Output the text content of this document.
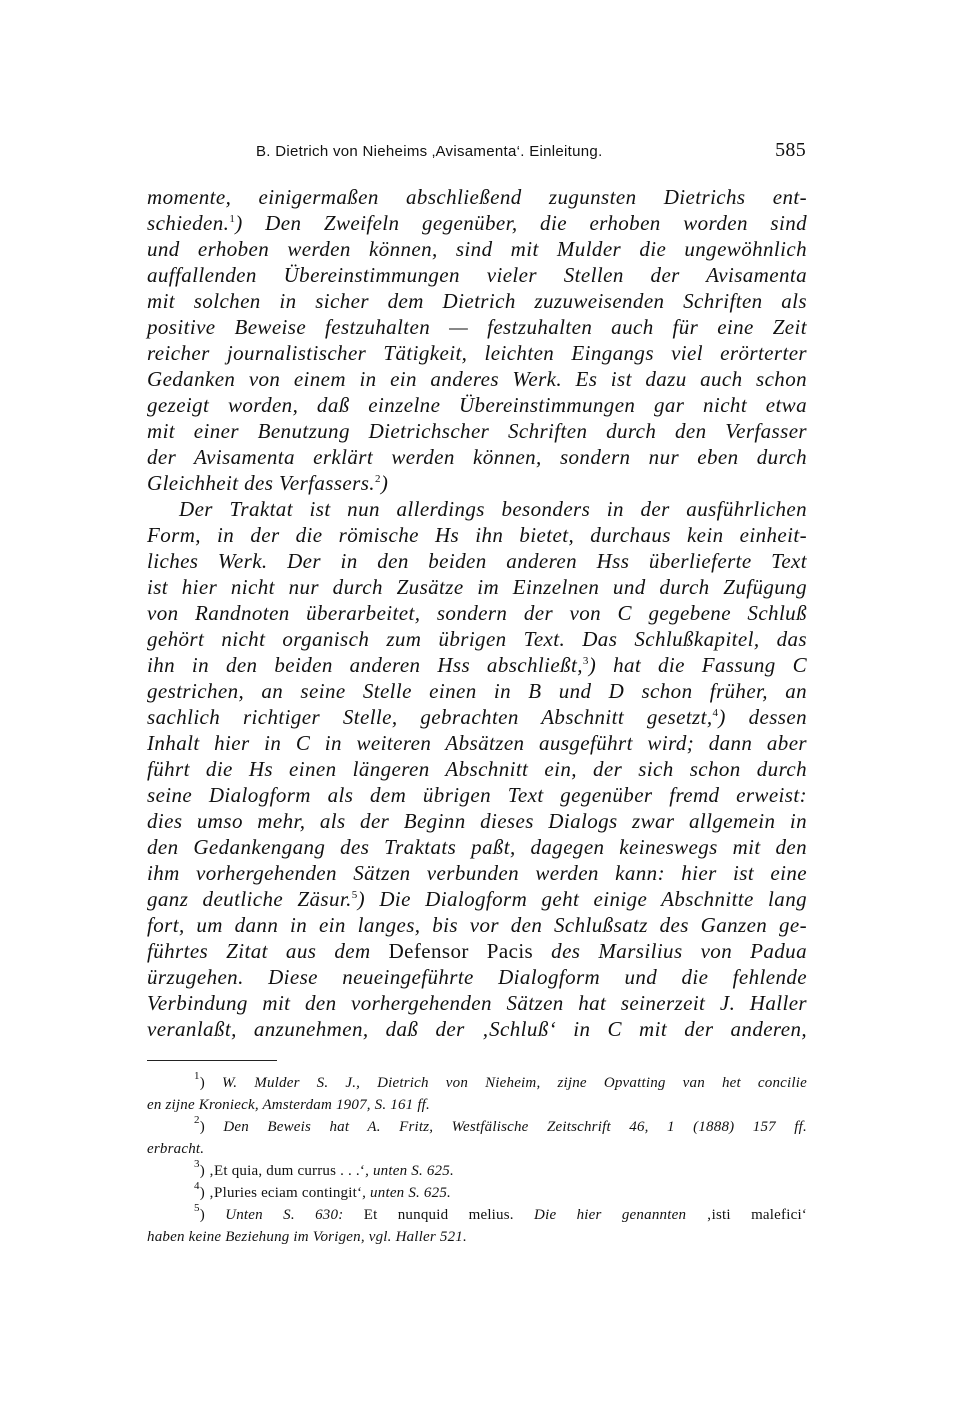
B. Dietrich von Nieheims ‚Avisamenta‘. Einleitung.	585
momente, einigermaßen abschließend zugunsten Dietrichs ent-
schieden.$^1$) Den Zweifeln gegenüber, die erhoben worden sind
und erhoben werden können, sind mit Mulder die ungewöhnlich
auffallenden Übereinstimmungen vieler Stellen der Avisamenta
mit solchen in sicher dem Dietrich zuzuweisenden Schriften als
positive Beweise festzuhalten — festzuhalten auch für eine Zeit
reicher journalistischer Tätigkeit, leichten Eingangs viel erörterter
Gedanken von einem in ein anderes Werk. Es ist dazu auch schon
gezeigt worden, daß einzelne Übereinstimmungen gar nicht etwa
mit einer Benutzung Dietrichscher Schriften durch den Verfasser
der Avisamenta erklärt werden können, sondern nur eben durch
Gleichheit des Verfassers.$^2$)
Der Traktat ist nun allerdings besonders in der ausführlichen
Form, in der die römische Hs ihn bietet, durchaus kein einheit-
liches Werk. Der in den beiden anderen Hss überlieferte Text
ist hier nicht nur durch Zusätze im Einzelnen und durch Zufügung
von Randnoten überarbeitet, sondern der von C gegebene Schluß
gehört nicht organisch zum übrigen Text. Das Schlußkapitel, das
ihn in den beiden anderen Hss abschließt,$^3$) hat die Fassung C
gestrichen, an seine Stelle einen in B und D schon früher, an
sachlich richtiger Stelle, gebrachten Abschnitt gesetzt,$^4$) dessen
Inhalt hier in C in weiteren Absätzen ausgeführt wird; dann aber
führt die Hs einen längeren Abschnitt ein, der sich schon durch
seine Dialogform als dem übrigen Text gegenüber fremd erweist:
dies umso mehr, als der Beginn dieses Dialogs zwar allgemein in
den Gedankengang des Traktats paßt, dagegen keineswegs mit den
ihm vorhergehenden Sätzen verbunden werden kann: hier ist eine
ganz deutliche Zäsur.$^5$) Die Dialogform geht einige Abschnitte lang
fort, um dann in ein langes, bis vor den Schlußsatz des Ganzen ge-
führtes Zitat aus dem Defensor Pacis des Marsilius von Padua
ürzugehen. Diese neueingeführte Dialogform und die fehlende
Verbindung mit den vorhergehenden Sätzen hat seinerzeit J. Haller
veranlaßt, anzunehmen, daß der ‚Schluß‘ in C mit der anderen,
$^1$) W. Mulder S. J., Dietrich von Nieheim, zijne Opvatting van het concilie
en zijne Kronieck, Amsterdam 1907, S. 161 ff.
$^2$) Den Beweis hat A. Fritz, Westfälische Zeitschrift 46, 1 (1888) 157 ff.
erbracht.
$^3$) ‚Et quia, dum currus . . .‘, unten S. 625.
$^4$) ‚Pluries eciam contingit‘, unten S. 625.
$^5$) Unten S. 630: Et nunquid melius. Die hier genannten ‚isti malefici‘
haben keine Beziehung im Vorigen, vgl. Haller 521.
